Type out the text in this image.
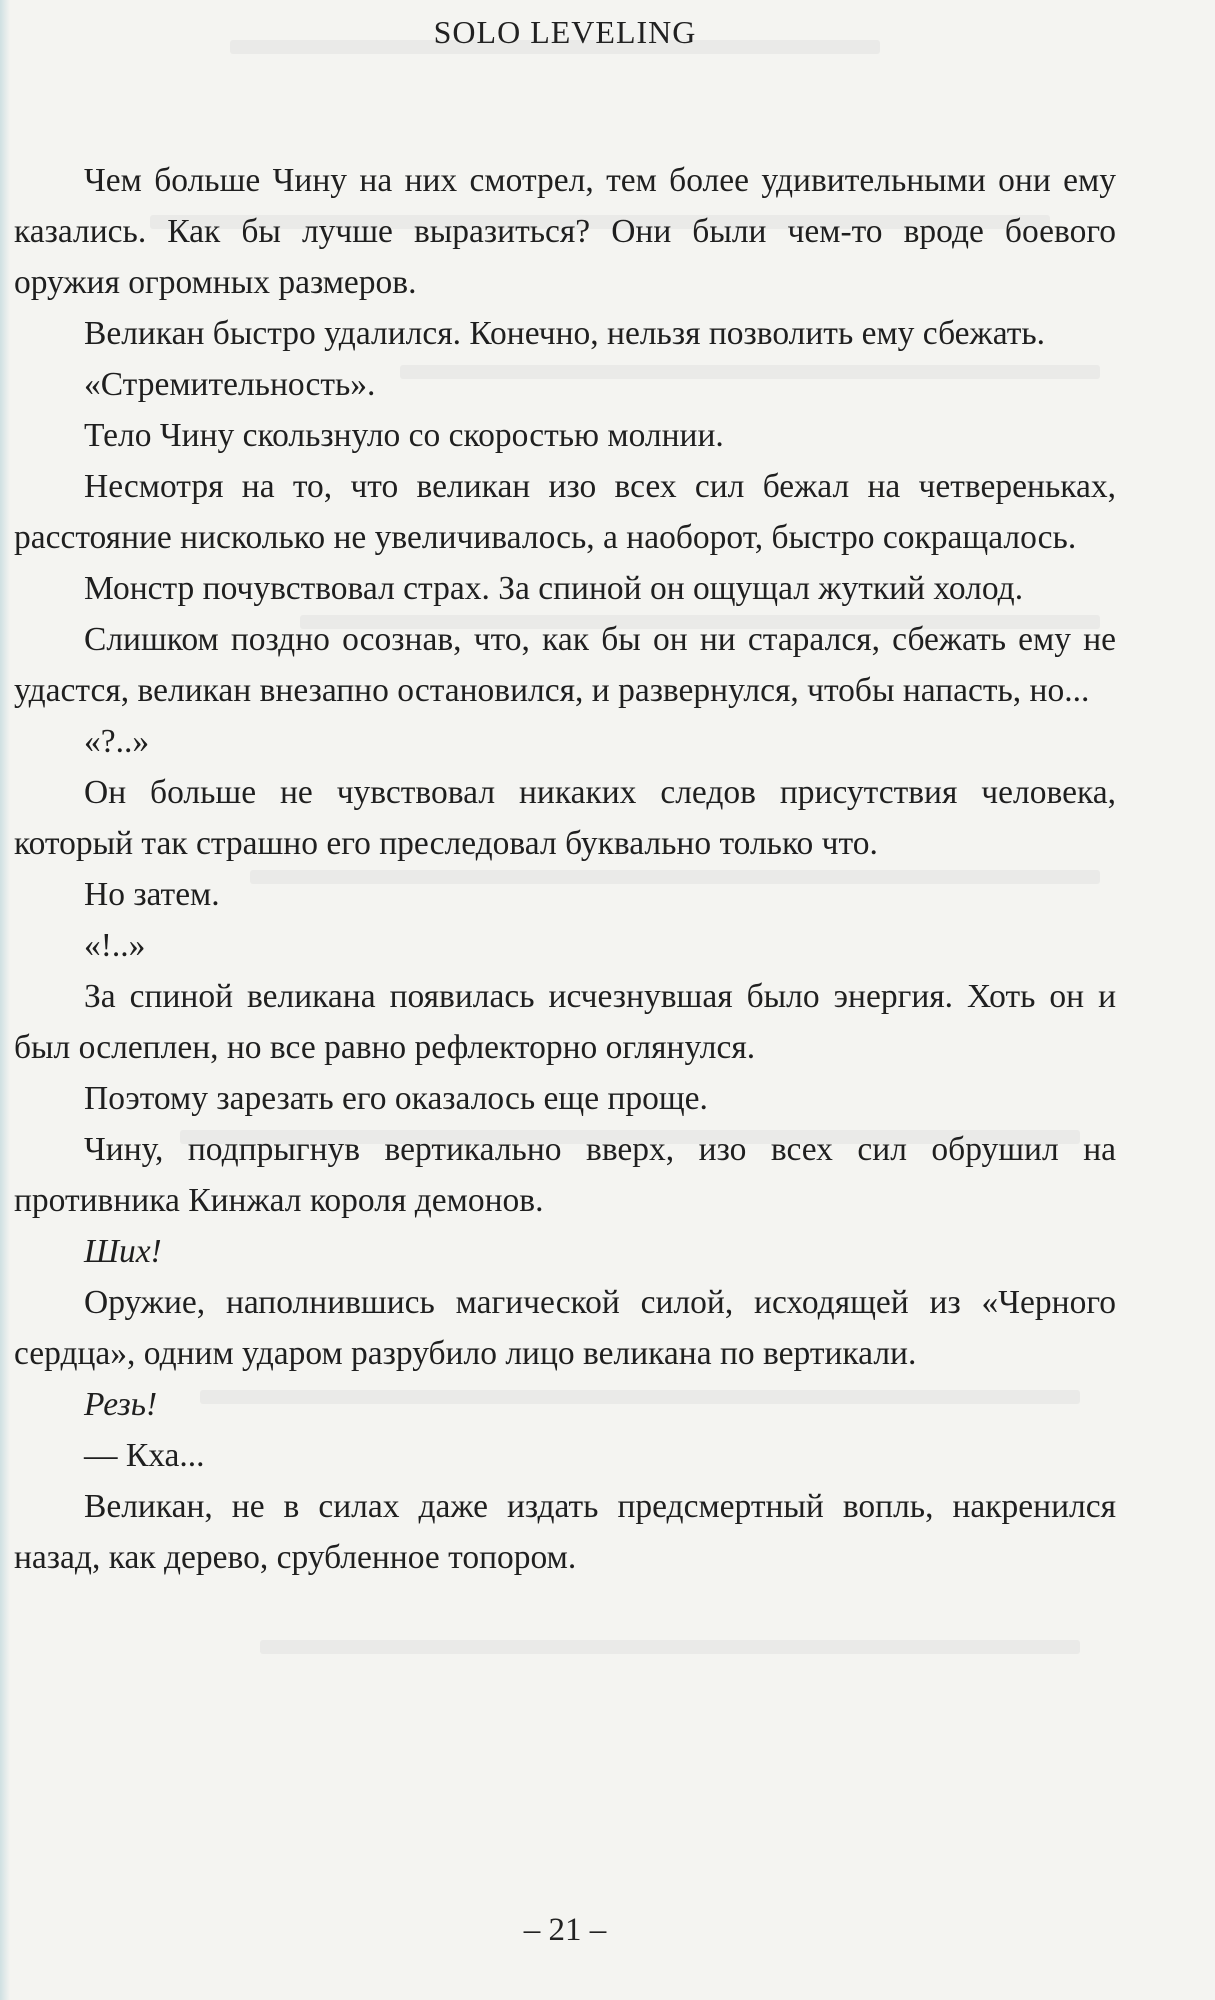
SOLO LEVELING

Чем больше Чину на них смотрел, тем более удивительными они ему казались. Как бы лучше выразиться? Они были чем-то вроде боевого оружия огромных размеров.

Великан быстро удалился. Конечно, нельзя позволить ему сбежать.

«Стремительность».

Тело Чину скользнуло со скоростью молнии.

Несмотря на то, что великан изо всех сил бежал на четвереньках, расстояние нисколько не увеличивалось, а наоборот, быстро сокращалось.

Монстр почувствовал страх. За спиной он ощущал жуткий холод.

Слишком поздно осознав, что, как бы он ни старался, сбежать ему не удастся, великан внезапно остановился, и развернулся, чтобы напасть, но...

«?..»

Он больше не чувствовал никаких следов присутствия человека, который так страшно его преследовал буквально только что.

Но затем.

«!..»

За спиной великана появилась исчезнувшая было энергия. Хоть он и был ослеплен, но все равно рефлекторно оглянулся.

Поэтому зарезать его оказалось еще проще.

Чину, подпрыгнув вертикально вверх, изо всех сил обрушил на противника Кинжал короля демонов.

Ших!

Оружие, наполнившись магической силой, исходящей из «Черного сердца», одним ударом разрубило лицо великана по вертикали.

Резь!

— Кха...

Великан, не в силах даже издать предсмертный вопль, накренился назад, как дерево, срубленное топором.

– 21 –
